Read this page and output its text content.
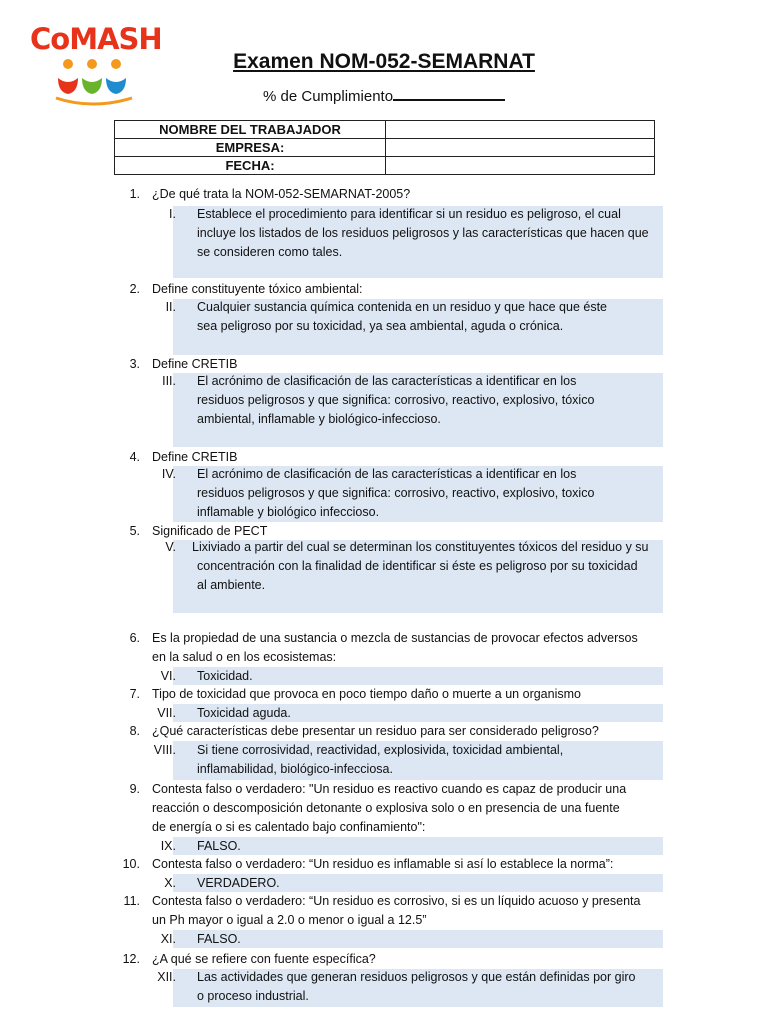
CoMASH
Examen NOM-052-SEMARNAT
% de Cumplimiento
NOMBRE DEL TRABAJADOR	
EMPRESA:	
FECHA:	
1. ¿De qué trata la NOM-052-SEMARNAT-2005?
I. Establece el procedimiento para identificar si un residuo es peligroso, el cual
incluye los listados de los residuos peligrosos y las características que hacen que
se consideren como tales.
2. Define constituyente tóxico ambiental:
II. Cualquier sustancia química contenida en un residuo y que hace que éste
sea peligroso por su toxicidad, ya sea ambiental, aguda o crónica.
3. Define CRETIB
III. El acrónimo de clasificación de las características a identificar en los
residuos peligrosos y que significa: corrosivo, reactivo, explosivo, tóxico
ambiental, inflamable y biológico-infeccioso.
4. Define CRETIB
IV. El acrónimo de clasificación de las características a identificar en los
residuos peligrosos y que significa: corrosivo, reactivo, explosivo, toxico
inflamable y biológico infeccioso.
5. Significado de PECT
V. Lixiviado a partir del cual se determinan los constituyentes tóxicos del residuo y su
concentración con la finalidad de identificar si éste es peligroso por su toxicidad
al ambiente.
6. Es la propiedad de una sustancia o mezcla de sustancias de provocar efectos adversos
en la salud o en los ecosistemas:
VI. Toxicidad.
7. Tipo de toxicidad que provoca en poco tiempo daño o muerte a un organismo
VII. Toxicidad aguda.
8. ¿Qué características debe presentar un residuo para ser considerado peligroso?
VIII. Si tiene corrosividad, reactividad, explosivida, toxicidad ambiental,
inflamabilidad, biológico-infecciosa.
9. Contesta falso o verdadero: "Un residuo es reactivo cuando es capaz de producir una
reacción o descomposición detonante o explosiva solo o en presencia de una fuente
de energía o si es calentado bajo confinamiento":
IX. FALSO.
10. Contesta falso o verdadero: “Un residuo es inflamable si así lo establece la norma”:
X. VERDADERO.
11. Contesta falso o verdadero: “Un residuo es corrosivo, si es un líquido acuoso y presenta
un Ph mayor o igual a 2.0 o menor o igual a 12.5”
XI. FALSO.
12. ¿A qué se refiere con fuente específica?
XII. Las actividades que generan residuos peligrosos y que están definidas por giro
o proceso industrial.
